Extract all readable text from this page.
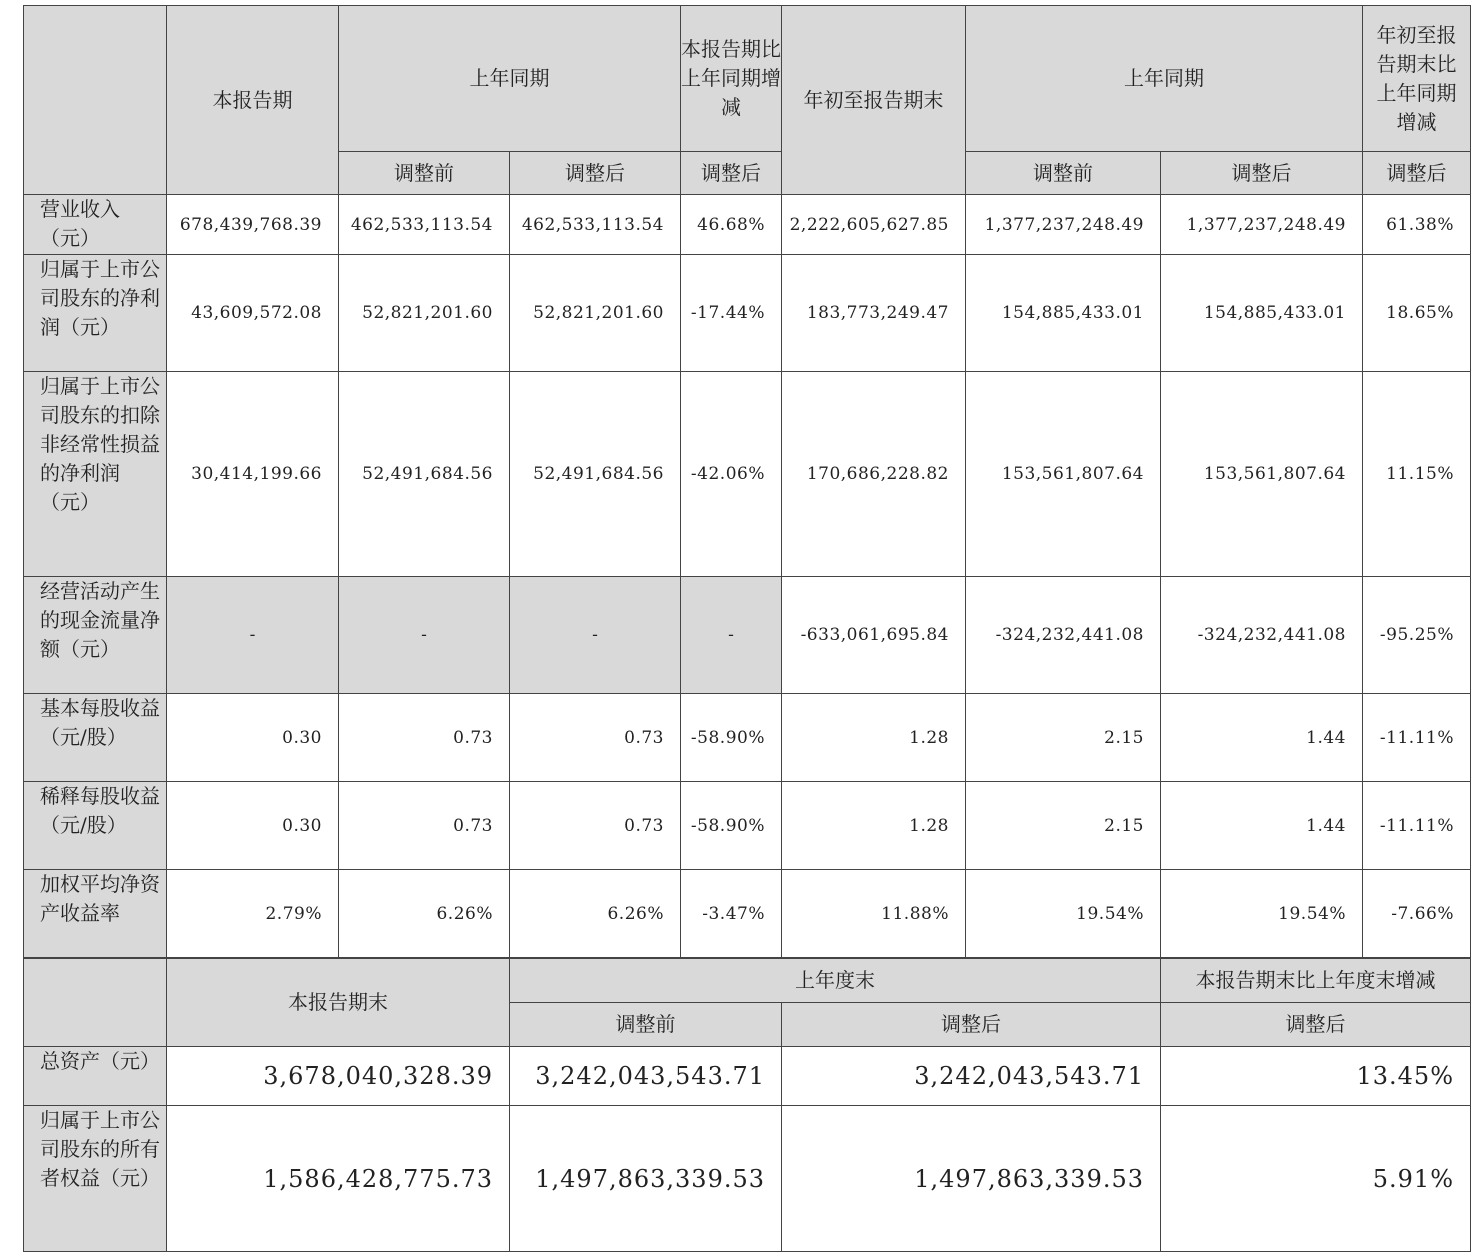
	本报告期	上年同期		本报告期比上年同期增减	年初至报告期末	上年同期		年初至报告期末比上年同期增减
		调整前	调整后	调整后		调整前	调整后	调整后
营业收入（元）	678,439,768.39	462,533,113.54	462,533,113.54	46.68%	2,222,605,627.85	1,377,237,248.49	1,377,237,248.49	61.38%
归属于上市公司股东的净利润（元）	43,609,572.08	52,821,201.60	52,821,201.60	-17.44%	183,773,249.47	154,885,433.01	154,885,433.01	18.65%
归属于上市公司股东的扣除非经常性损益的净利润（元）	30,414,199.66	52,491,684.56	52,491,684.56	-42.06%	170,686,228.82	153,561,807.64	153,561,807.64	11.15%
经营活动产生的现金流量净额（元）	-	-	-	-	-633,061,695.84	-324,232,441.08	-324,232,441.08	-95.25%
基本每股收益（元/股）	0.30	0.73	0.73	-58.90%	1.28	2.15	1.44	-11.11%
稀释每股收益（元/股）	0.30	0.73	0.73	-58.90%	1.28	2.15	1.44	-11.11%
加权平均净资产收益率	2.79%	6.26%	6.26%	-3.47%	11.88%	19.54%	19.54%	-7.66%
	本报告期末	上年度末		本报告期末比上年度末增减
		调整前	调整后	调整后
总资产（元）	3,678,040,328.39	3,242,043,543.71	3,242,043,543.71	13.45%
归属于上市公司股东的所有者权益（元）	1,586,428,775.73	1,497,863,339.53	1,497,863,339.53	5.91%
